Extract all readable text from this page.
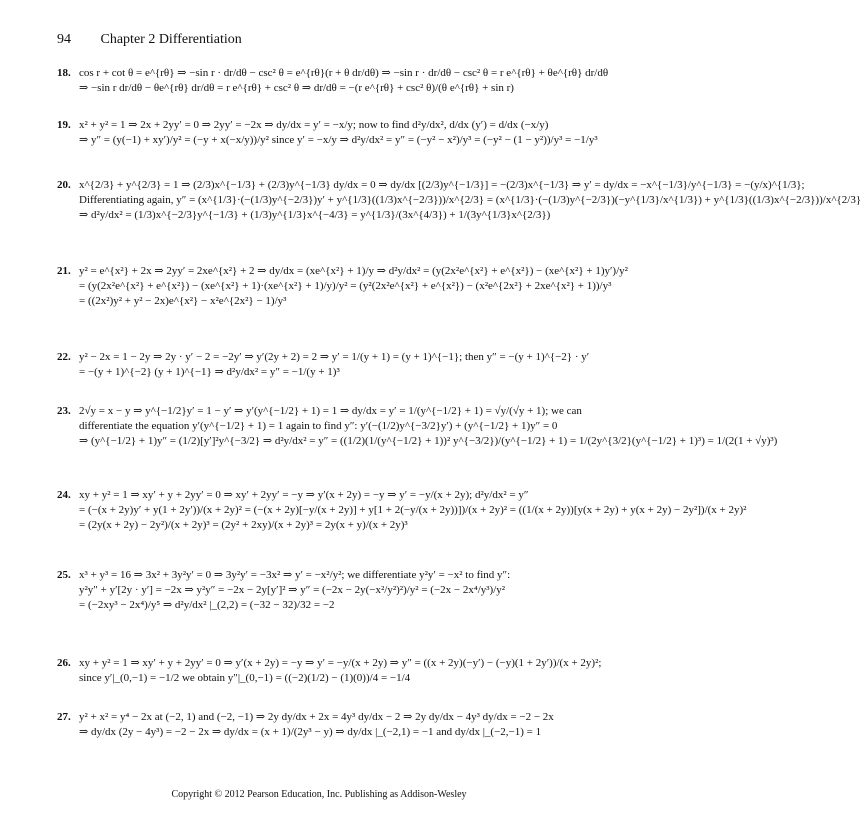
94 Chapter 2 Differentiation
18. cos r + cot θ = e^{rθ} ⇒ −sin r · dr/dθ − csc² θ = e^{rθ}(r + θ dr/dθ) ⇒ −sin r · dr/dθ − csc² θ = r e^{rθ} + θe^{rθ} dr/dθ
⇒ −sin r dr/dθ − θe^{rθ} dr/dθ = r e^{rθ} + csc² θ ⇒ dr/dθ = −(r e^{rθ} + csc² θ)/(θ e^{rθ} + sin r)
19. x² + y² = 1 ⇒ 2x + 2yy′ = 0 ⇒ 2yy′ = −2x ⇒ dy/dx = y′ = −x/y; now to find d²y/dx², d/dx (y′) = d/dx (−x/y)
⇒ y″ = (y(−1) + xy′)/y² = (−y + x(−x/y))/y² since y′ = −x/y ⇒ d²y/dx² = y″ = (−y² − x²)/y³ = (−y² − (1 − y²))/y³ = −1/y³
20. x^{2/3} + y^{2/3} = 1 ⇒ (2/3)x^{−1/3} + (2/3)y^{−1/3} dy/dx = 0 ⇒ dy/dx [(2/3)y^{−1/3}] = −(2/3)x^{−1/3} ⇒ y′ = dy/dx = −x^{−1/3}/y^{−1/3} = −(y/x)^{1/3};
Differentiating again, y″ = (x^{1/3}·(−(1/3)y^{−2/3})y′ + y^{1/3}((1/3)x^{−2/3}))/x^{2/3} = (x^{1/3}·(−(1/3)y^{−2/3})(−y^{1/3}/x^{1/3}) + y^{1/3}((1/3)x^{−2/3}))/x^{2/3}
⇒ d²y/dx² = (1/3)x^{−2/3}y^{−1/3} + (1/3)y^{1/3}x^{−4/3} = y^{1/3}/(3x^{4/3}) + 1/(3y^{1/3}x^{2/3})
21. y² = e^{x²} + 2x ⇒ 2yy′ = 2xe^{x²} + 2 ⇒ dy/dx = (xe^{x²} + 1)/y ⇒ d²y/dx² = (y(2x²e^{x²} + e^{x²}) − (xe^{x²} + 1)y′)/y²
= (y(2x²e^{x²} + e^{x²}) − (xe^{x²} + 1)·(xe^{x²} + 1)/y)/y² = (y²(2x²e^{x²} + e^{x²}) − (x²e^{2x²} + 2xe^{x²} + 1))/y³
= ((2x²)y² + y² − 2x)e^{x²} − x²e^{2x²} − 1)/y³
22. y² − 2x = 1 − 2y ⇒ 2y · y′ − 2 = −2y′ ⇒ y′(2y + 2) = 2 ⇒ y′ = 1/(y + 1) = (y + 1)^{−1}; then y″ = −(y + 1)^{−2} · y′
= −(y + 1)^{−2} (y + 1)^{−1} ⇒ d²y/dx² = y″ = −1/(y + 1)³
23. 2√y = x − y ⇒ y^{−1/2}y′ = 1 − y′ ⇒ y′(y^{−1/2} + 1) = 1 ⇒ dy/dx = y′ = 1/(y^{−1/2} + 1) = √y/(√y + 1); we can
differentiate the equation y′(y^{−1/2} + 1) = 1 again to find y″: y′(−(1/2)y^{−3/2}y′) + (y^{−1/2} + 1)y″ = 0
⇒ (y^{−1/2} + 1)y″ = (1/2)[y′]²y^{−3/2} ⇒ d²y/dx² = y″ = ((1/2)(1/(y^{−1/2} + 1))² y^{−3/2})/(y^{−1/2} + 1) = 1/(2y^{3/2}(y^{−1/2} + 1)³) = 1/(2(1 + √y)³)
24. xy + y² = 1 ⇒ xy′ + y + 2yy′ = 0 ⇒ xy′ + 2yy′ = −y ⇒ y′(x + 2y) = −y ⇒ y′ = −y/(x + 2y); d²y/dx² = y″
= (−(x + 2y)y′ + y(1 + 2y′))/(x + 2y)² = (−(x + 2y)[−y/(x + 2y)] + y[1 + 2(−y/(x + 2y))])/(x + 2y)² = ((1/(x + 2y))[y(x + 2y) + y(x + 2y) − 2y²])/(x + 2y)²
= (2y(x + 2y) − 2y²)/(x + 2y)³ = (2y² + 2xy)/(x + 2y)³ = 2y(x + y)/(x + 2y)³
25. x³ + y³ = 16 ⇒ 3x² + 3y²y′ = 0 ⇒ 3y²y′ = −3x² ⇒ y′ = −x²/y²; we differentiate y²y′ = −x² to find y″:
y²y″ + y′[2y · y′] = −2x ⇒ y²y″ = −2x − 2y[y′]² ⇒ y″ = (−2x − 2y(−x²/y²)²)/y² = (−2x − 2x⁴/y³)/y²
= (−2xy³ − 2x⁴)/y⁵ ⇒ d²y/dx² |_(2,2) = (−32 − 32)/32 = −2
26. xy + y² = 1 ⇒ xy′ + y + 2yy′ = 0 ⇒ y′(x + 2y) = −y ⇒ y′ = −y/(x + 2y) ⇒ y″ = ((x + 2y)(−y′) − (−y)(1 + 2y′))/(x + 2y)²;
since y′|_(0,−1) = −1/2 we obtain y″|_(0,−1) = ((−2)(1/2) − (1)(0))/4 = −1/4
27. y² + x² = y⁴ − 2x at (−2, 1) and (−2, −1) ⇒ 2y dy/dx + 2x = 4y³ dy/dx − 2 ⇒ 2y dy/dx − 4y³ dy/dx = −2 − 2x
⇒ dy/dx (2y − 4y³) = −2 − 2x ⇒ dy/dx = (x + 1)/(2y³ − y) ⇒ dy/dx |_(−2,1) = −1 and dy/dx |_(−2,−1) = 1
Copyright © 2012 Pearson Education, Inc. Publishing as Addison-Wesley
